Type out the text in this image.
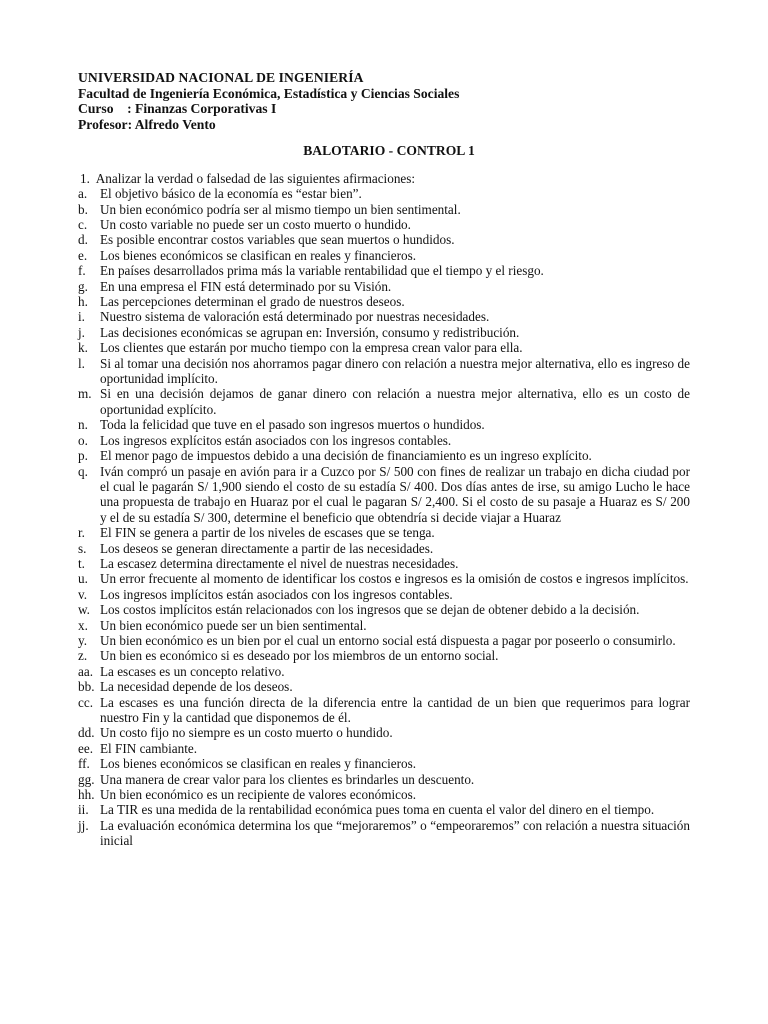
UNIVERSIDAD NACIONAL DE INGENIERÍA
Facultad de Ingeniería Económica, Estadística y Ciencias Sociales
Curso    : Finanzas Corporativas I
Profesor: Alfredo Vento
BALOTARIO - CONTROL 1
1.  Analizar la verdad o falsedad de las siguientes afirmaciones:
a. El objetivo básico de la economía es “estar bien”.
b. Un bien económico podría ser al mismo tiempo un bien sentimental.
c. Un costo variable no puede ser un costo muerto o hundido.
d. Es posible encontrar costos variables que sean muertos o hundidos.
e. Los bienes económicos se clasifican en reales y financieros.
f.	En países desarrollados prima más la variable rentabilidad que el tiempo y el riesgo.
g. En una empresa el FIN está determinado por su Visión.
h. Las percepciones determinan el grado de nuestros deseos.
i.	Nuestro sistema de valoración está determinado por nuestras necesidades.
j.	Las decisiones económicas se agrupan en: Inversión, consumo y redistribución.
k. Los clientes que estarán por mucho tiempo con la empresa crean valor para ella.
l.	Si al tomar una decisión nos ahorramos pagar dinero con relación a nuestra mejor alternativa, ello es ingreso de oportunidad implícito.
m. Si en una decisión dejamos de ganar dinero con relación a nuestra mejor alternativa, ello es un costo de oportunidad explícito.
n. Toda la felicidad que tuve en el pasado son ingresos muertos o hundidos.
o. Los ingresos explícitos están asociados con los ingresos contables.
p. El menor pago de impuestos debido a una decisión de financiamiento es un ingreso explícito.
q. Iván compró un pasaje en avión para ir a Cuzco por S/ 500 con fines de realizar un trabajo en dicha ciudad por el cual le pagarán S/ 1,900 siendo el costo de su estadía S/ 400. Dos días antes de irse, su amigo Lucho le hace una propuesta de trabajo en Huaraz por el cual le pagaran S/ 2,400. Si el costo de su pasaje a Huaraz es S/ 200 y el de su estadía S/ 300, determine el beneficio que obtendría si decide viajar a Huaraz
r.	El FIN se genera a partir de los niveles de escases que se tenga.
s.	Los deseos se generan directamente a partir de las necesidades.
t.	La escasez determina directamente el nivel de nuestras necesidades.
u. Un error frecuente al momento de identificar los costos e ingresos es la omisión de costos e ingresos implícitos.
v. Los ingresos implícitos están asociados con los ingresos contables.
w. Los costos implícitos están relacionados con los ingresos que se dejan de obtener debido a la decisión.
x. Un bien económico puede ser un bien sentimental.
y. Un bien económico es un bien por el cual un entorno social está dispuesta a pagar por poseerlo o consumirlo.
z. Un bien es económico si es deseado por los miembros de un entorno social.
aa. La escases es un concepto relativo.
bb. La necesidad depende de los deseos.
cc. La escases es una función directa de la diferencia entre la cantidad de un bien que requerimos para lograr nuestro Fin y la cantidad que disponemos de él.
dd. Un costo fijo no siempre es un costo muerto o hundido.
ee. El FIN cambiante.
ff. Los bienes económicos se clasifican en reales y financieros.
gg. Una manera de crear valor para los clientes es brindarles un descuento.
hh. Un bien económico es un recipiente de valores económicos.
ii. La TIR es una medida de la rentabilidad económica pues toma en cuenta el valor del dinero en el tiempo.
jj. La evaluación económica determina los que “mejoraremos” o “empeoraremos” con relación a nuestra situación inicial
